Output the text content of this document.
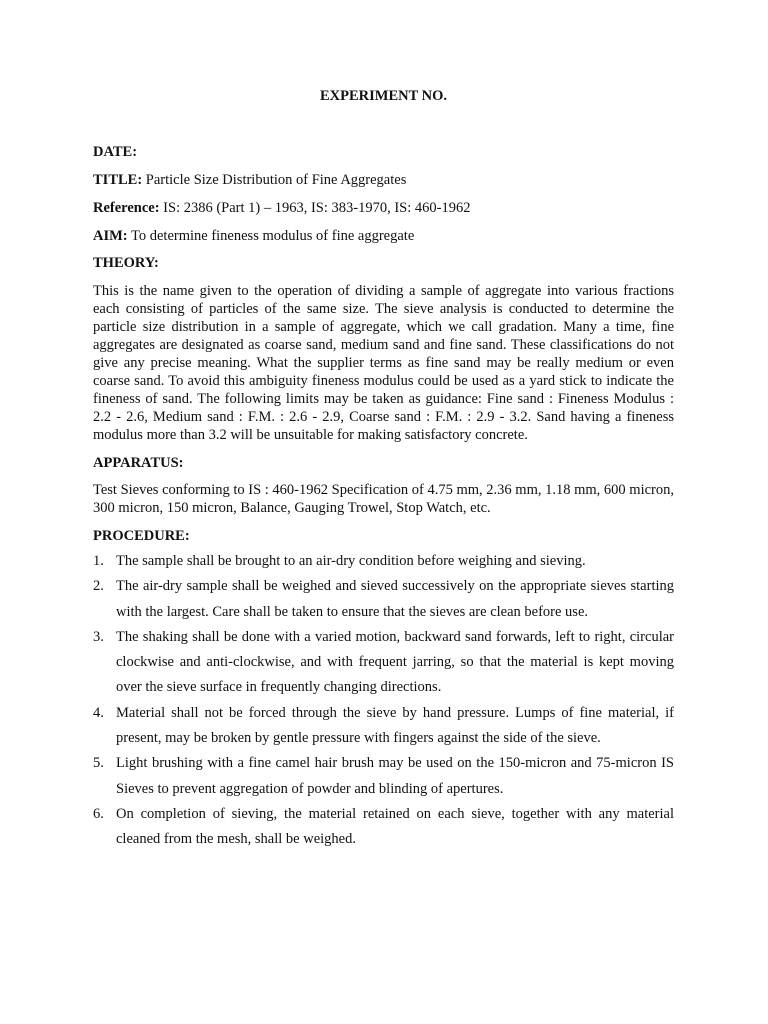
EXPERIMENT NO.

DATE:

TITLE: Particle Size Distribution of Fine Aggregates

Reference: IS: 2386 (Part 1) – 1963, IS: 383-1970, IS: 460-1962

AIM: To determine fineness modulus of fine aggregate

THEORY:

This is the name given to the operation of dividing a sample of aggregate into various fractions each consisting of particles of the same size. The sieve analysis is conducted to determine the particle size distribution in a sample of aggregate, which we call gradation. Many a time, fine aggregates are designated as coarse sand, medium sand and fine sand. These classifications do not give any precise meaning. What the supplier terms as fine sand may be really medium or even coarse sand. To avoid this ambiguity fineness modulus could be used as a yard stick to indicate the fineness of sand. The following limits may be taken as guidance: Fine sand : Fineness Modulus : 2.2 - 2.6, Medium sand : F.M. : 2.6 - 2.9, Coarse sand : F.M. : 2.9 - 3.2. Sand having a fineness modulus more than 3.2 will be unsuitable for making satisfactory concrete.

APPARATUS:

Test Sieves conforming to IS : 460-1962 Specification of 4.75 mm, 2.36 mm, 1.18 mm, 600 micron, 300 micron, 150 micron, Balance, Gauging Trowel, Stop Watch, etc.

PROCEDURE:

1. The sample shall be brought to an air-dry condition before weighing and sieving.
2. The air-dry sample shall be weighed and sieved successively on the appropriate sieves starting with the largest. Care shall be taken to ensure that the sieves are clean before use.
3. The shaking shall be done with a varied motion, backward sand forwards, left to right, circular clockwise and anti-clockwise, and with frequent jarring, so that the material is kept moving over the sieve surface in frequently changing directions.
4. Material shall not be forced through the sieve by hand pressure. Lumps of fine material, if present, may be broken by gentle pressure with fingers against the side of the sieve.
5. Light brushing with a fine camel hair brush may be used on the 150-micron and 75-micron IS Sieves to prevent aggregation of powder and blinding of apertures.
6. On completion of sieving, the material retained on each sieve, together with any material cleaned from the mesh, shall be weighed.
